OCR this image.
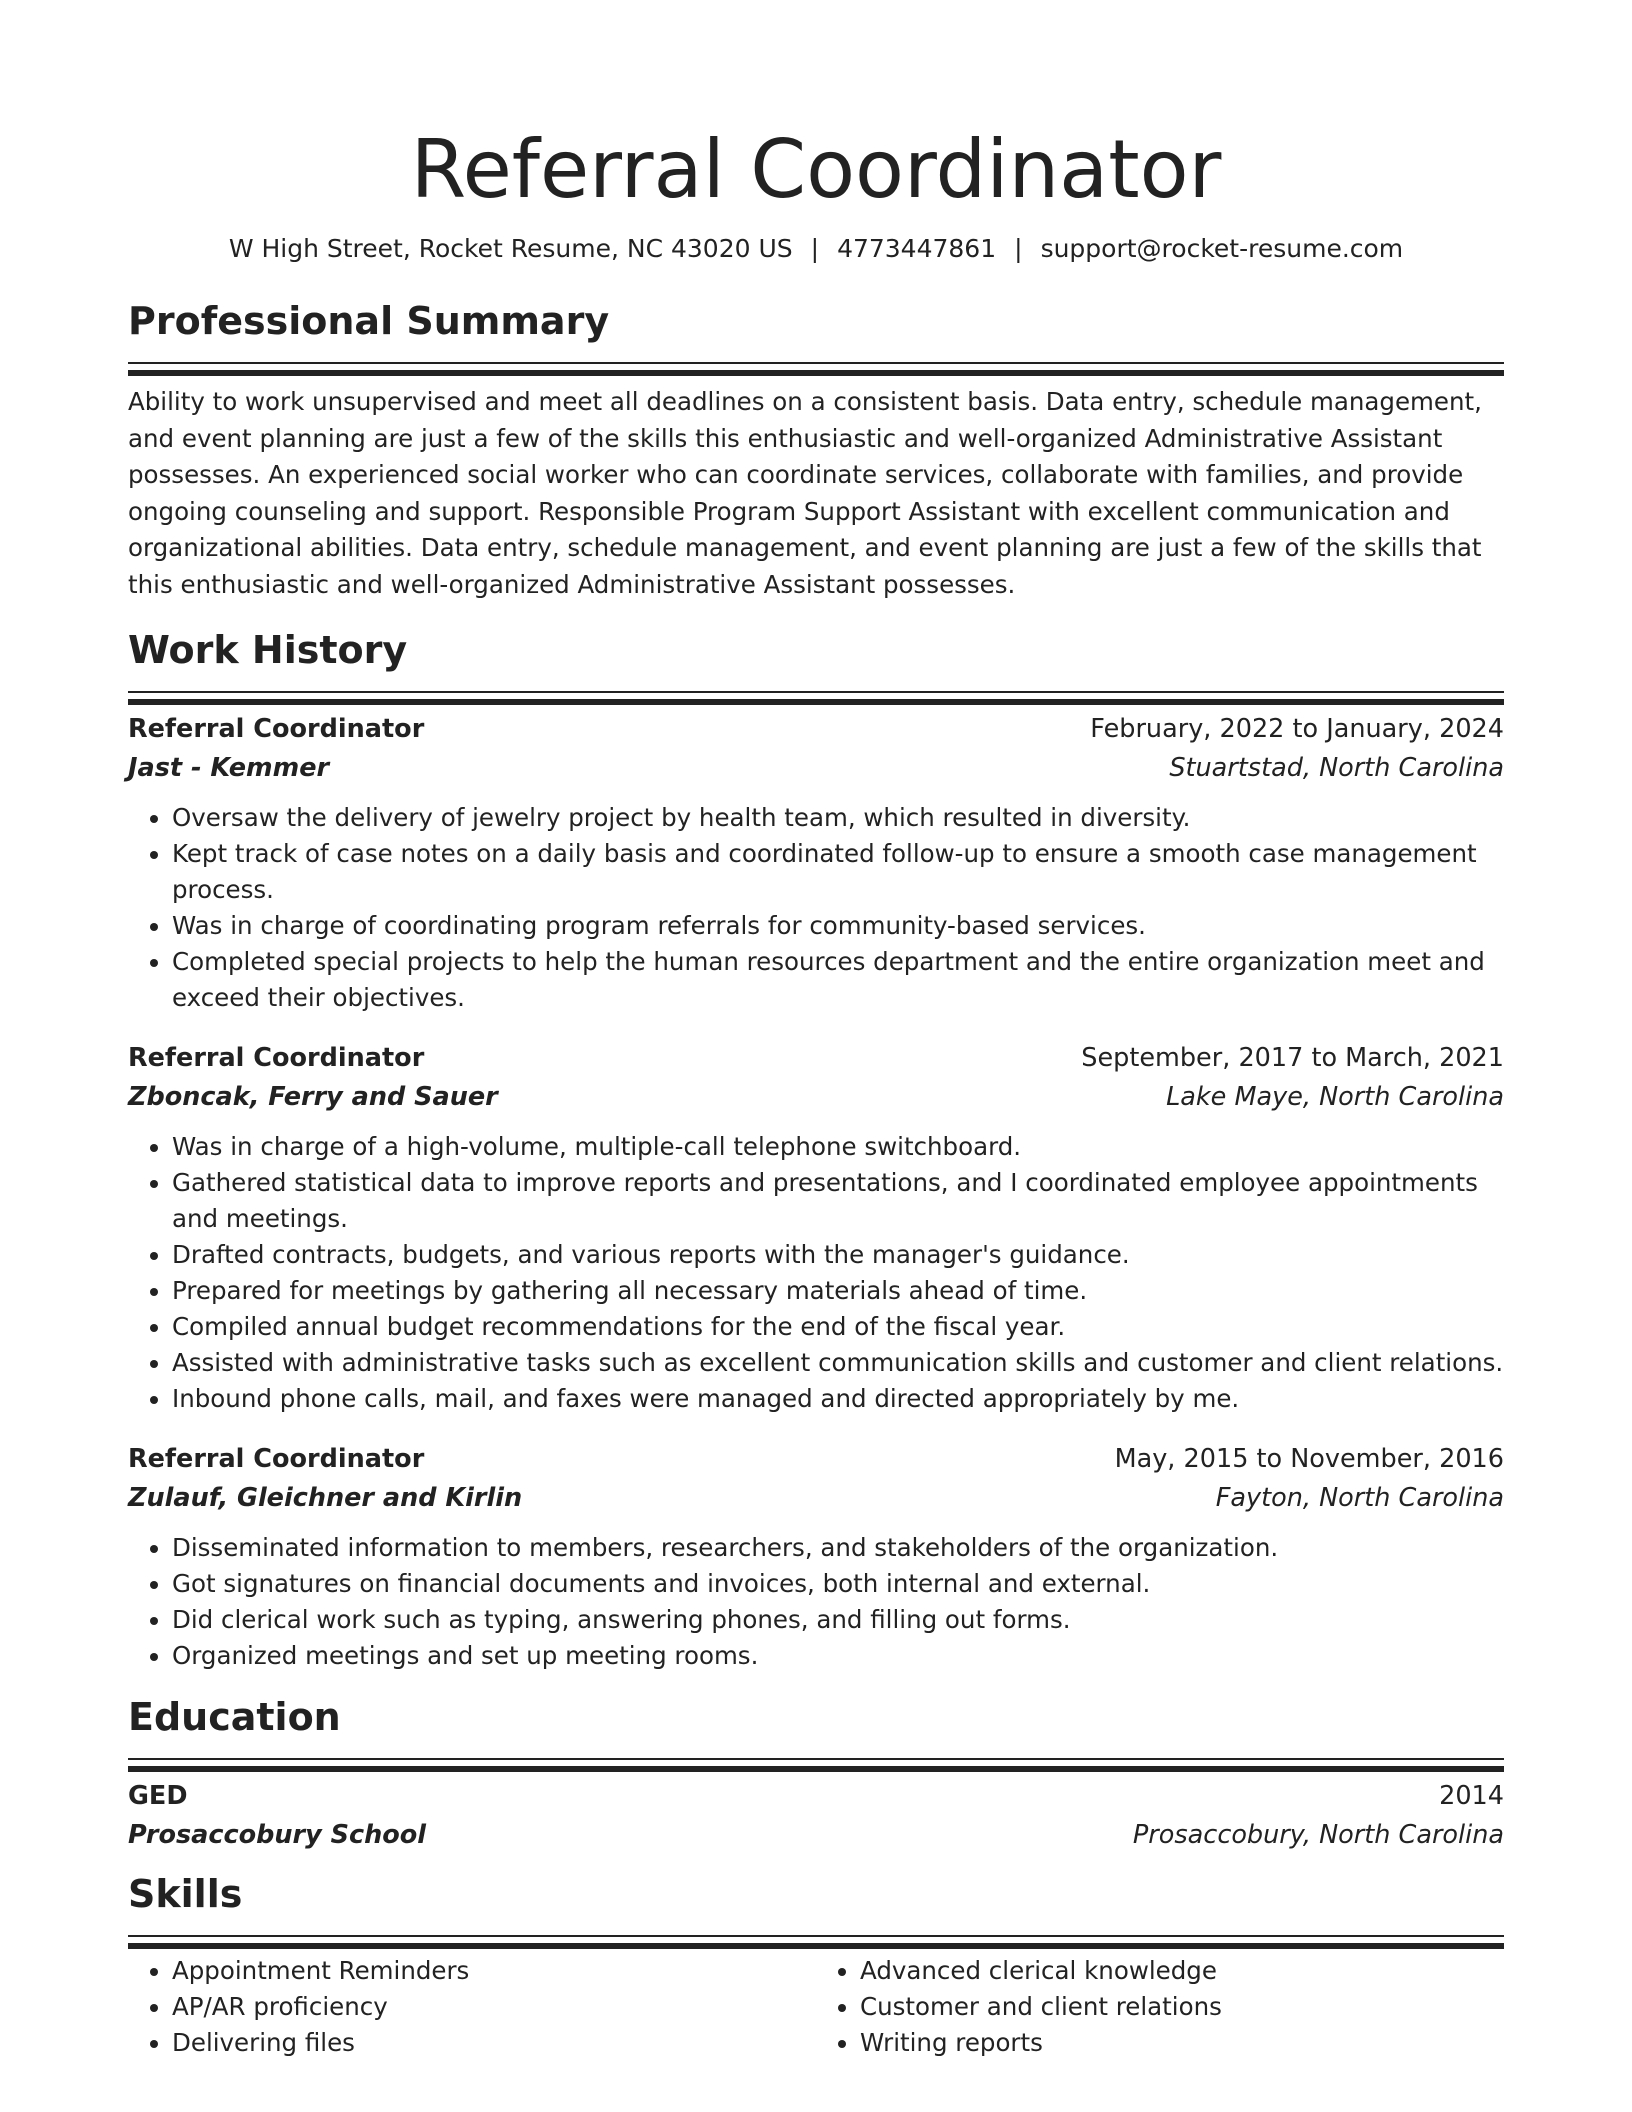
Referral Coordinator
W High Street, Rocket Resume, NC 43020 US | 4773447861 | support@rocket-resume.com
Professional Summary
Ability to work unsupervised and meet all deadlines on a consistent basis. Data entry, schedule management, and event planning are just a few of the skills this enthusiastic and well-organized Administrative Assistant possesses. An experienced social worker who can coordinate services, collaborate with families, and provide ongoing counseling and support. Responsible Program Support Assistant with excellent communication and organizational abilities. Data entry, schedule management, and event planning are just a few of the skills that this enthusiastic and well-organized Administrative Assistant possesses.
Work History
Referral Coordinator	February, 2022 to January, 2024
Jast - Kemmer	Stuartstad, North Carolina
• Oversaw the delivery of jewelry project by health team, which resulted in diversity.
• Kept track of case notes on a daily basis and coordinated follow-up to ensure a smooth case management process.
• Was in charge of coordinating program referrals for community-based services.
• Completed special projects to help the human resources department and the entire organization meet and exceed their objectives.
Referral Coordinator	September, 2017 to March, 2021
Zboncak, Ferry and Sauer	Lake Maye, North Carolina
• Was in charge of a high-volume, multiple-call telephone switchboard.
• Gathered statistical data to improve reports and presentations, and I coordinated employee appointments and meetings.
• Drafted contracts, budgets, and various reports with the manager's guidance.
• Prepared for meetings by gathering all necessary materials ahead of time.
• Compiled annual budget recommendations for the end of the fiscal year.
• Assisted with administrative tasks such as excellent communication skills and customer and client relations.
• Inbound phone calls, mail, and faxes were managed and directed appropriately by me.
Referral Coordinator	May, 2015 to November, 2016
Zulauf, Gleichner and Kirlin	Fayton, North Carolina
• Disseminated information to members, researchers, and stakeholders of the organization.
• Got signatures on financial documents and invoices, both internal and external.
• Did clerical work such as typing, answering phones, and filling out forms.
• Organized meetings and set up meeting rooms.
Education
GED	2014
Prosaccobury School	Prosaccobury, North Carolina
Skills
• Appointment Reminders
• AP/AR proficiency
• Delivering files
• Advanced clerical knowledge
• Customer and client relations
• Writing reports
